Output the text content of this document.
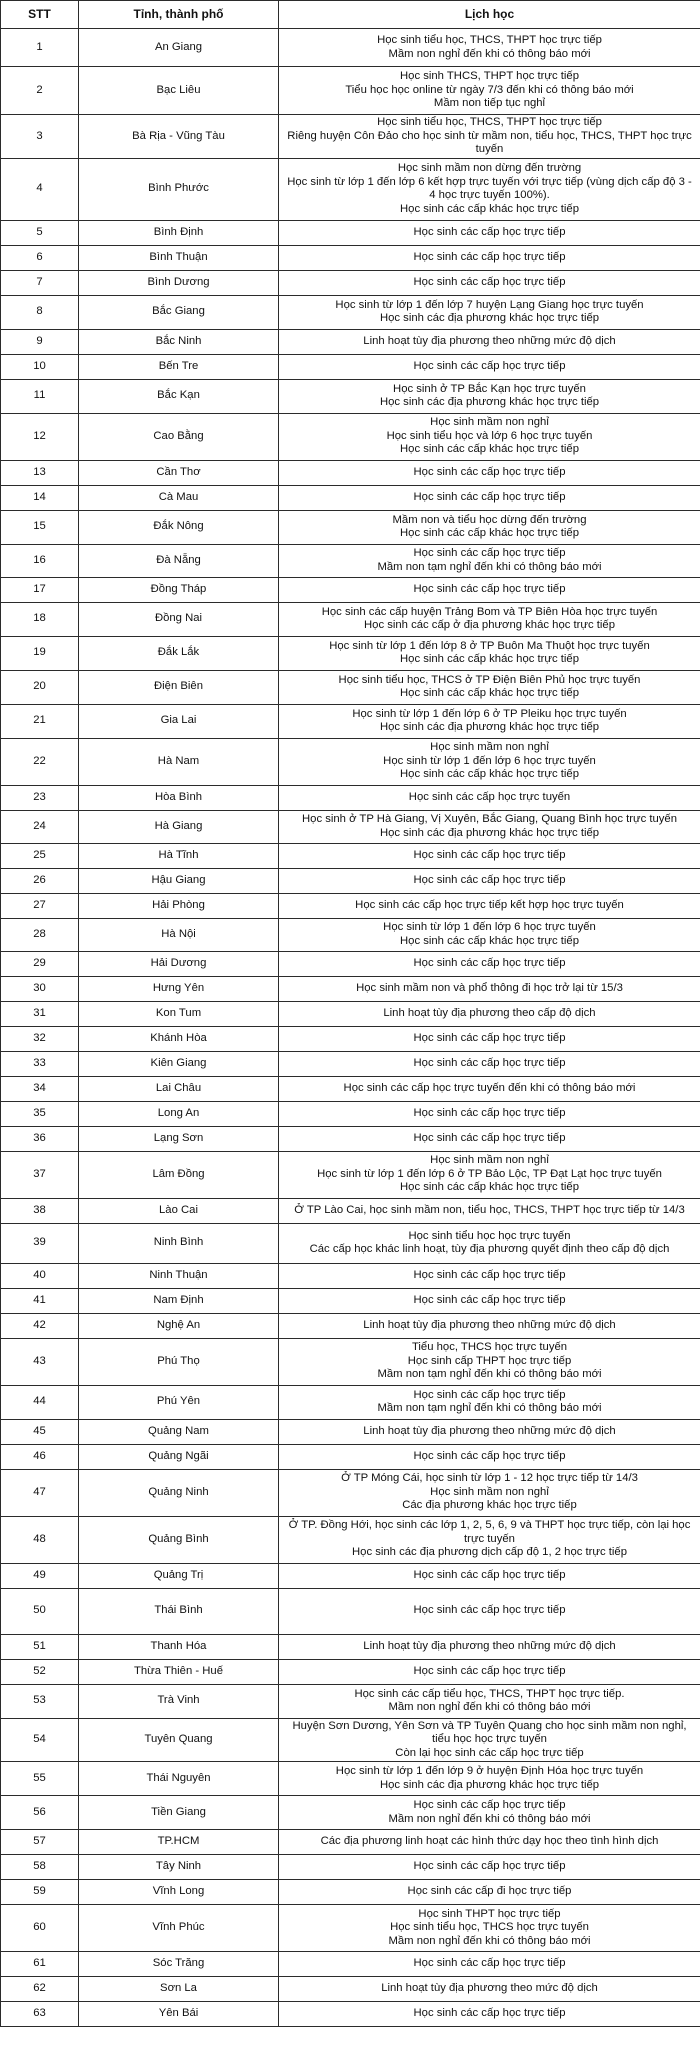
STT	Tỉnh, thành phố	Lịch học
1	An Giang	Học sinh tiểu học, THCS, THPT học trực tiếp
Mầm non nghỉ đến khi có thông báo mới
2	Bạc Liêu	Học sinh THCS, THPT học trực tiếp
Tiểu học học online từ ngày 7/3 đến khi có thông báo mới
Mầm non tiếp tục nghỉ
3	Bà Rịa - Vũng Tàu	Học sinh tiểu học, THCS, THPT học trực tiếp
Riêng huyện Côn Đảo cho học sinh từ mầm non, tiểu học, THCS, THPT học trực tuyến
4	Bình Phước	Học sinh mầm non dừng đến trường
Học sinh từ lớp 1 đến lớp 6 kết hợp trực tuyến với trực tiếp (vùng dịch cấp độ 3 - 4 học trực tuyến 100%).
Học sinh các cấp khác học trực tiếp
5	Bình Định	Học sinh các cấp học trực tiếp
6	Bình Thuận	Học sinh các cấp học trực tiếp
7	Bình Dương	Học sinh các cấp học trực tiếp
8	Bắc Giang	Học sinh từ lớp 1 đến lớp 7 huyện Lạng Giang học trực tuyến
Học sinh các địa phương khác học trực tiếp
9	Bắc Ninh	Linh hoạt tùy địa phương theo những mức độ dịch
10	Bến Tre	Học sinh các cấp học trực tiếp
11	Bắc Kạn	Học sinh ở TP Bắc Kạn học trực tuyến
Học sinh các địa phương khác học trực tiếp
12	Cao Bằng	Học sinh mầm non nghỉ
Học sinh tiểu học và lớp 6 học trực tuyến
Học sinh các cấp khác học trực tiếp
13	Cần Thơ	Học sinh các cấp học trực tiếp
14	Cà Mau	Học sinh các cấp học trực tiếp
15	Đắk Nông	Mầm non và tiểu học dừng đến trường
Học sinh các cấp khác học trực tiếp
16	Đà Nẵng	Học sinh các cấp học trực tiếp
Mầm non tạm nghỉ đến khi có thông báo mới
17	Đồng Tháp	Học sinh các cấp học trực tiếp
18	Đồng Nai	Học sinh các cấp huyện Trảng Bom và TP Biên Hòa học trực tuyến
Học sinh các cấp ở địa phương khác học trực tiếp
19	Đắk Lắk	Học sinh từ lớp 1 đến lớp 8 ở TP Buôn Ma Thuột học trực tuyến
Học sinh các cấp khác học trực tiếp
20	Điện Biên	Học sinh tiểu học, THCS ở TP Điện Biên Phủ học trực tuyến
Học sinh các cấp khác học trực tiếp
21	Gia Lai	Học sinh từ lớp 1 đến lớp 6 ở TP Pleiku học trực tuyến
Học sinh các địa phương khác học trực tiếp
22	Hà Nam	Học sinh mầm non nghỉ
Học sinh từ lớp 1 đến lớp 6 học trực tuyến
Học sinh các cấp khác học trực tiếp
23	Hòa Bình	Học sinh các cấp học trực tuyến
24	Hà Giang	Học sinh ở TP Hà Giang, Vị Xuyên, Bắc Giang, Quang Bình học trực tuyến
Học sinh các địa phương khác học trực tiếp
25	Hà Tĩnh	Học sinh các cấp học trực tiếp
26	Hậu Giang	Học sinh các cấp học trực tiếp
27	Hải Phòng	Học sinh các cấp học trực tiếp kết hợp học trực tuyến
28	Hà Nội	Học sinh từ lớp 1 đến lớp 6 học trực tuyến
Học sinh các cấp khác học trực tiếp
29	Hải Dương	Học sinh các cấp học trực tiếp
30	Hưng Yên	Học sinh mầm non và phổ thông đi học trở lại từ 15/3
31	Kon Tum	Linh hoạt tùy địa phương theo cấp độ dịch
32	Khánh Hòa	Học sinh các cấp học trực tiếp
33	Kiên Giang	Học sinh các cấp học trực tiếp
34	Lai Châu	Học sinh các cấp học trực tuyến đến khi có thông báo mới
35	Long An	Học sinh các cấp học trực tiếp
36	Lạng Sơn	Học sinh các cấp học trực tiếp
37	Lâm Đồng	Học sinh mầm non nghỉ
Học sinh từ lớp 1 đến lớp 6 ở TP Bảo Lộc, TP Đạt Lạt học trực tuyến
Học sinh các cấp khác học trực tiếp
38	Lào Cai	Ở TP Lào Cai, học sinh mầm non, tiểu học, THCS, THPT học trực tiếp từ 14/3
39	Ninh Bình	Học sinh tiểu học học trực tuyến
Các cấp học khác linh hoạt, tùy địa phương quyết định theo cấp độ dịch
40	Ninh Thuận	Học sinh các cấp học trực tiếp
41	Nam Định	Học sinh các cấp học trực tiếp
42	Nghệ An	Linh hoạt tùy địa phương theo những mức độ dịch
43	Phú Thọ	Tiểu học, THCS học trực tuyến
Học sinh cấp THPT học trực tiếp
Mầm non tạm nghỉ đến khi có thông báo mới
44	Phú Yên	Học sinh các cấp học trực tiếp
Mầm non tạm nghỉ đến khi có thông báo mới
45	Quảng Nam	Linh hoạt tùy địa phương theo những mức độ dịch
46	Quảng Ngãi	Học sinh các cấp học trực tiếp
47	Quảng Ninh	Ở TP Móng Cái, học sinh từ lớp 1 - 12 học trực tiếp từ 14/3
Học sinh mầm non nghỉ
Các địa phương khác học trực tiếp
48	Quảng Bình	Ở TP. Đồng Hới, học sinh các lớp 1, 2, 5, 6, 9 và THPT học trực tiếp, còn lại học trực tuyến
Học sinh các địa phương dịch cấp độ 1, 2 học trực tiếp
49	Quảng Trị	Học sinh các cấp học trực tiếp
50	Thái Bình	Học sinh các cấp học trực tiếp
51	Thanh Hóa	Linh hoạt tùy địa phương theo những mức độ dịch
52	Thừa Thiên - Huế	Học sinh các cấp học trực tiếp
53	Trà Vinh	Học sinh các cấp tiểu học, THCS, THPT học trực tiếp.
Mầm non nghỉ đến khi có thông báo mới
54	Tuyên Quang	Huyện Sơn Dương, Yên Sơn và TP Tuyên Quang cho học sinh mầm non nghỉ, tiểu học học trực tuyến
Còn lại học sinh các cấp học trực tiếp
55	Thái Nguyên	Học sinh từ lớp 1 đến lớp 9 ở huyện Định Hóa học trực tuyến
Học sinh các địa phương khác học trực tiếp
56	Tiền Giang	Học sinh các cấp học trực tiếp
Mầm non nghỉ đến khi có thông báo mới
57	TP.HCM	Các địa phương linh hoạt các hình thức dạy học theo tình hình dịch
58	Tây Ninh	Học sinh các cấp học trực tiếp
59	Vĩnh Long	Học sinh các cấp đi học trực tiếp
60	Vĩnh Phúc	Học sinh THPT học trực tiếp
Học sinh tiểu học, THCS học trực tuyến
Mầm non nghỉ đến khi có thông báo mới
61	Sóc Trăng	Học sinh các cấp học trực tiếp
62	Sơn La	Linh hoạt tùy địa phương theo mức độ dịch
63	Yên Bái	Học sinh các cấp học trực tiếp
